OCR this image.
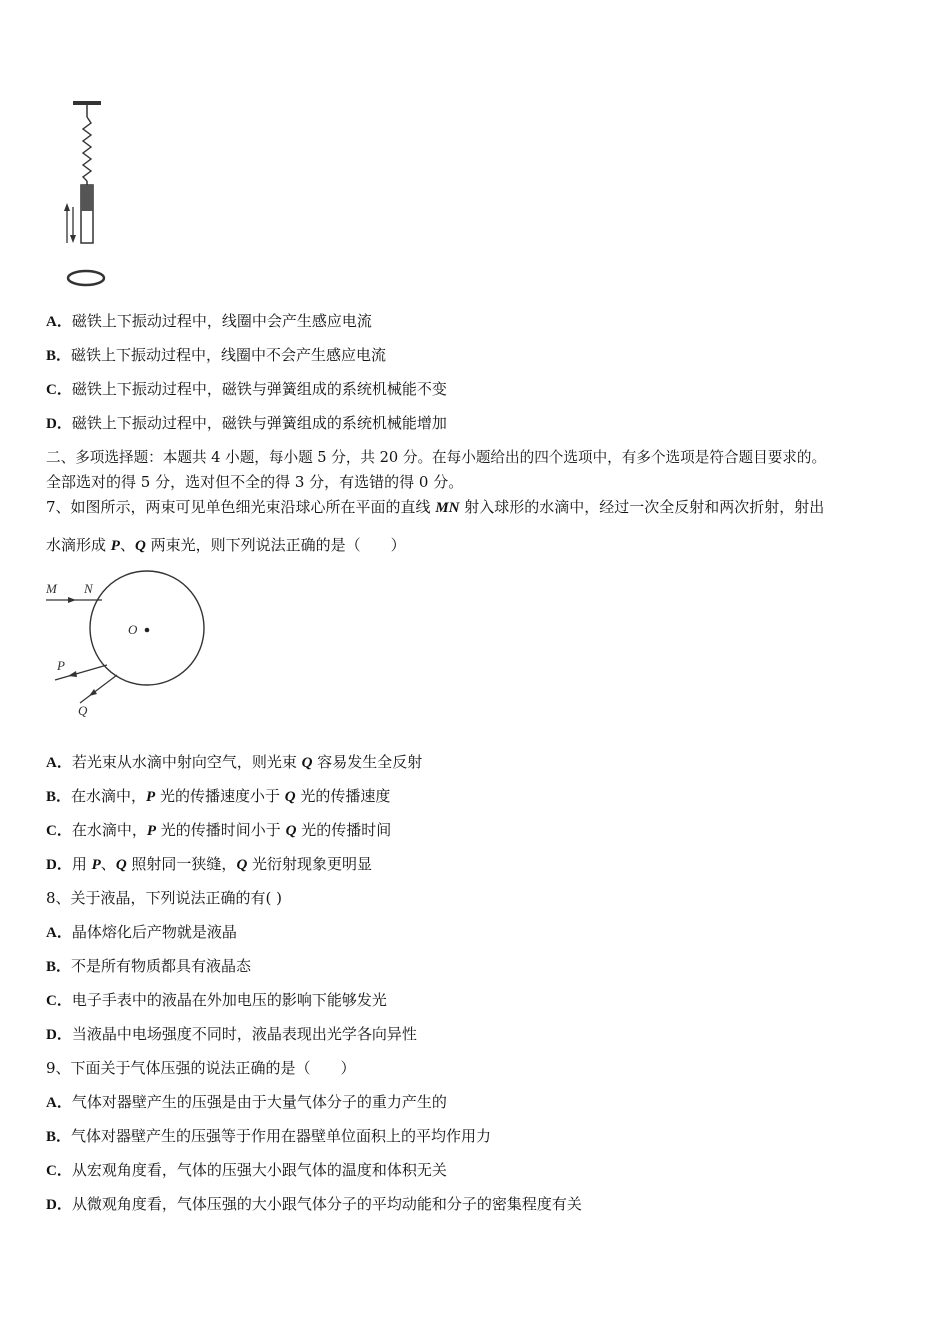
A．磁铁上下振动过程中，线圈中会产生感应电流
B．磁铁上下振动过程中，线圈中不会产生感应电流
C．磁铁上下振动过程中，磁铁与弹簧组成的系统机械能不变
D．磁铁上下振动过程中，磁铁与弹簧组成的系统机械能增加
二、多项选择题：本题共 4 小题，每小题 5 分，共 20 分。在每小题给出的四个选项中，有多个选项是符合题目要求的。
全部选对的得 5 分，选对但不全的得 3 分，有选错的得 0 分。
7、如图所示，两束可见单色细光束沿球心所在平面的直线 MN 射入球形的水滴中，经过一次全反射和两次折射，射出
水滴形成 P、Q 两束光，则下列说法正确的是（　　）
M N
O
P
Q
A．若光束从水滴中射向空气，则光束 Q 容易发生全反射
B．在水滴中，P 光的传播速度小于 Q 光的传播速度
C．在水滴中，P 光的传播时间小于 Q 光的传播时间
D．用 P、Q 照射同一狭缝，Q 光衍射现象更明显
8、关于液晶，下列说法正确的有( )
A．晶体熔化后产物就是液晶
B．不是所有物质都具有液晶态
C．电子手表中的液晶在外加电压的影响下能够发光
D．当液晶中电场强度不同时，液晶表现出光学各向异性
9、下面关于气体压强的说法正确的是（　　）
A．气体对器壁产生的压强是由于大量气体分子的重力产生的
B．气体对器壁产生的压强等于作用在器壁单位面积上的平均作用力
C．从宏观角度看，气体的压强大小跟气体的温度和体积无关
D．从微观角度看，气体压强的大小跟气体分子的平均动能和分子的密集程度有关
